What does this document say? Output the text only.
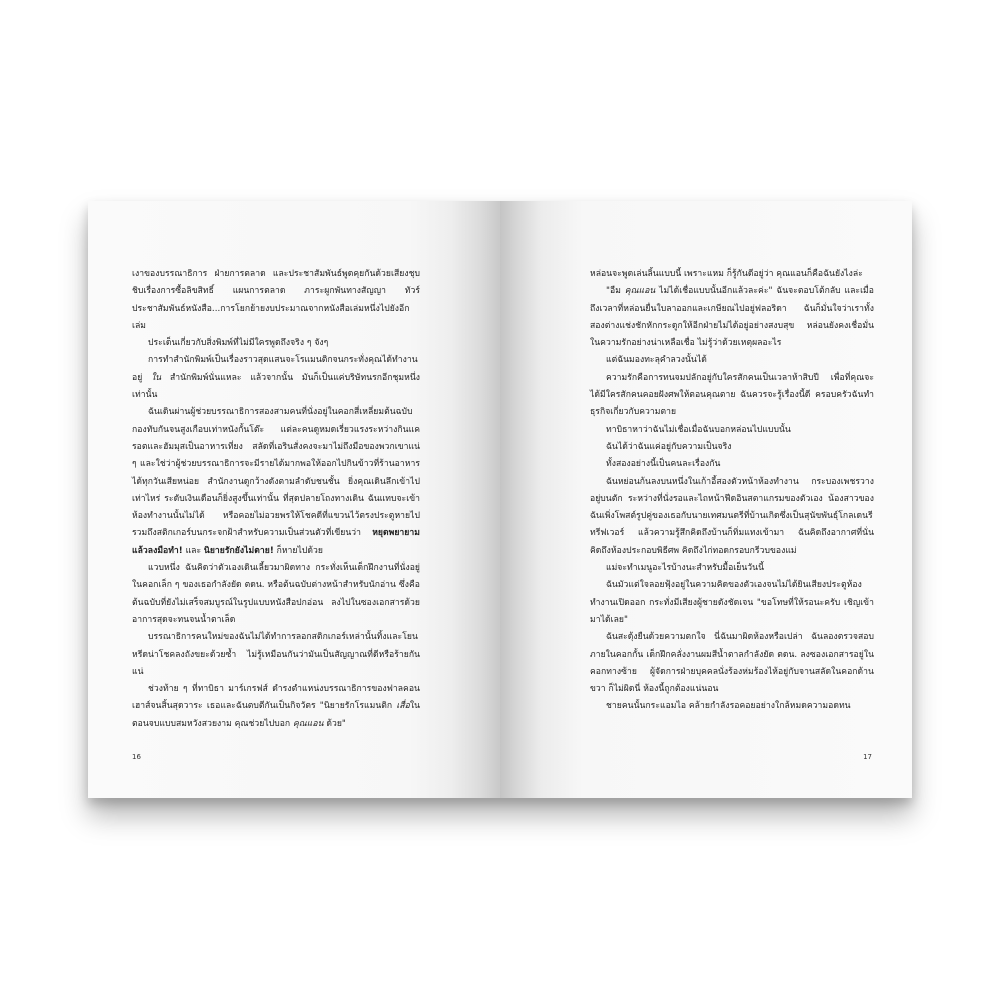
เงาของบรรณาธิการ ฝ่ายการตลาด และประชาสัมพันธ์พูดคุยกันด้วยเสียงชุบชิบเรื่องการซื้อลิขสิทธิ์ แผนการตลาด ภาระผูกพันทางสัญญา ทัวร์ประชาสัมพันธ์หนังสือ...การโยกย้ายงบประมาณจากหนังสือเล่มหนึ่งไปยังอีกเล่ม

ประเด็นเกี่ยวกับสิ่งพิมพ์ที่ไม่มีใครพูดถึงจริง ๆ จังๆ

การทำสำนักพิมพ์เป็นเรื่องราวสุดแสนจะโรแมนติกจนกระทั่งคุณได้ทำงานอยู่ ใน สำนักพิมพ์นั่นแหละ แล้วจากนั้น มันก็เป็นแค่บริษัทนรกอีกชุมหนึ่งเท่านั้น

ฉันเดินผ่านผู้ช่วยบรรณาธิการสองสามคนที่นั่งอยู่ในคอกสี่เหลี่ยมต้นฉบับกองทับกันจนสูงเกือบเท่าหนังกั้นโต๊ะ แต่ละคนดูหมดเรี่ยวแรงระหว่างกินแครอตและฮัมมุสเป็นอาหารเที่ยง สลัดที่เอรินสั่งคงจะมาไม่ถึงมือของพวกเขาแน่ ๆ และใช่ว่าผู้ช่วยบรรณาธิการจะมีรายได้มากพอให้ออกไปกินข้าวที่ร้านอาหารได้ทุกวันเสียหน่อย สำนักงานดูกว้างดังตามลำดับชนชั้น ยิ่งคุณเดินลึกเข้าไปเท่าไหร่ ระดับเงินเดือนก็ยิ่งสูงขึ้นเท่านั้น ที่สุดปลายโถงทางเดิน ฉันแทบจะเข้าห้องทำงานนั้นไม่ได้ หรือคอยไม่อวยพรให้โชคดีที่แขวนไว้ตรงประตูหายไป รวมถึงสติกเกอร์บนกระจกฝ้าสำหรับความเป็นส่วนตัวที่เขียนว่า หยุดพยายาม แล้วลงมือทำ! และ นิยายรักยังไม่ตาย! ก็หายไปด้วย

แวบหนึ่ง ฉันคิดว่าตัวเองเดินเลี้ยวมาผิดทาง กระทั่งเห็นเด็กฝึกงานที่นั่งอยู่ในคอกเล็ก ๆ ของเธอกำลังยัด ตดน. หรือต้นฉบับต่างหน้าสำหรับนักอ่าน ซึ่งคือต้นฉบับที่ยังไม่เสร็จสมบูรณ์ในรูปแบบหนังสือปกอ่อน ลงไปในซองเอกสารด้วยอาการสุดจะทนจนน้ำตาเล็ด

บรรณาธิการคนใหม่ของฉันไม่ได้ทำการลอกสติกเกอร์เหล่านั้นทิ้งและโยนหรีดน่าโชคลงถังขยะด้วยซ้ำ ไม่รู้เหมือนกันว่ามันเป็นสัญญาณที่ดีหรือร้ายกันแน่

ช่วงท้าย ๆ ที่ทาบิธา มาร์เกรฟส์ ดำรงตำแหน่งบรรณาธิการของฟาลคอนเฮาส์จนสิ้นสุดวาระ เธอและฉันตบตีกันเป็นกิจวัตร "นิยายรักโรแมนติก เสื่อในตอนจบแบบสมหวังสวยงาม คุณช่วยไปบอก คุณแอน ด้วย"

16

หล่อนจะพูดเล่นลิ้นแบบนี้ เพราะแหม ก็รู้กันดีอยู่ว่า คุณแอนก็คือฉันยังไงล่ะ

"อืม คุณแอน ไม่ได้เชื่อแบบนั้นอีกแล้วละค่ะ" ฉันจะตอบโต้กลับ และเมื่อถึงเวลาที่หล่อนยื่นใบลาออกและเกษียณไปอยู่ฟลอริดา ฉันก็มั่นใจว่าเราทั้งสองต่างแช่งชักหักกระดูกให้อีกฝ่ายไม่ได้อยู่อย่างสงบสุข หล่อนยังคงเชื่อมั่นในความรักอย่างน่าเหลือเชื่อ ไม่รู้ว่าด้วยเหตุผลอะไร

แต่ฉันมองทะลุคำลวงนั้นได้

ความรักคือการทนจมปลักอยู่กับใครสักคนเป็นเวลาห้าสิบปี เพื่อที่คุณจะได้มีใครสักคนคอยฝังศพให้ตอนคุณตาย ฉันควรจะรู้เรื่องนี้ดี ครอบครัวฉันทำธุรกิจเกี่ยวกับความตาย

ทาบิธาหาว่าฉันไม่เชื่อเมื่อฉันบอกหล่อนไปแบบนั้น

ฉันได้ว่าฉันแค่อยู่กับความเป็นจริง

ทั้งสองอย่างนี้เป็นคนละเรื่องกัน

ฉันหย่อนก้นลงบนหนึ่งในเก้าอี้สองตัวหน้าห้องทำงาน กระบองเพชรวางอยู่บนตัก ระหว่างที่นั่งรอและไถหน้าฟีดอินสตาแกรมของตัวเอง น้องสาวของฉันเพิ่งโพสต์รูปคู่ของเธอกับนายเทศมนตรีที่บ้านเกิดซึ่งเป็นสุนัขพันธุ์โกลเดนรีทรีฟเวอร์ แล้วความรู้สึกคิดถึงบ้านก็ทิ่มแทงเข้ามา ฉันคิดถึงอากาศที่นั่น คิดถึงห้องประกอบพิธีศพ คิดถึงไก่ทอดกรอบกรีวบของแม่

แม่จะทำเมนูอะไรบ้างนะสำหรับมื้อเย็นวันนี้

ฉันมัวแต่ใจลอยฟุ้งอยู่ในความคิดของตัวเองจนไม่ได้ยินเสียงประตูห้องทำงานเปิดออก กระทั่งมีเสียงผู้ชายดังชัดเจน "ขอโทษที่ให้รอนะครับ เชิญเข้ามาได้เลย"

ฉันสะดุ้งยืนด้วยความตกใจ นี่ฉันมาผิดห้องหรือเปล่า ฉันลองตรวจสอบภายในคอกกั้น เด็กฝึกคลั่งงานผมสีน้ำตาลกำลังยัด ตดน. ลงซองเอกสารอยู่ในคอกทางซ้าย ผู้จัดการฝ่ายบุคคลนั่งร้องห่มร้องไห้อยู่กับจานสลัดในคอกด้านขวา ก็ไม่ผิดนี่ ห้องนี้ถูกต้องแน่นอน

ชายคนนั้นกระแอมไอ คล้ายกำลังรอคอยอย่างใกล้หมดความอดทน

17
